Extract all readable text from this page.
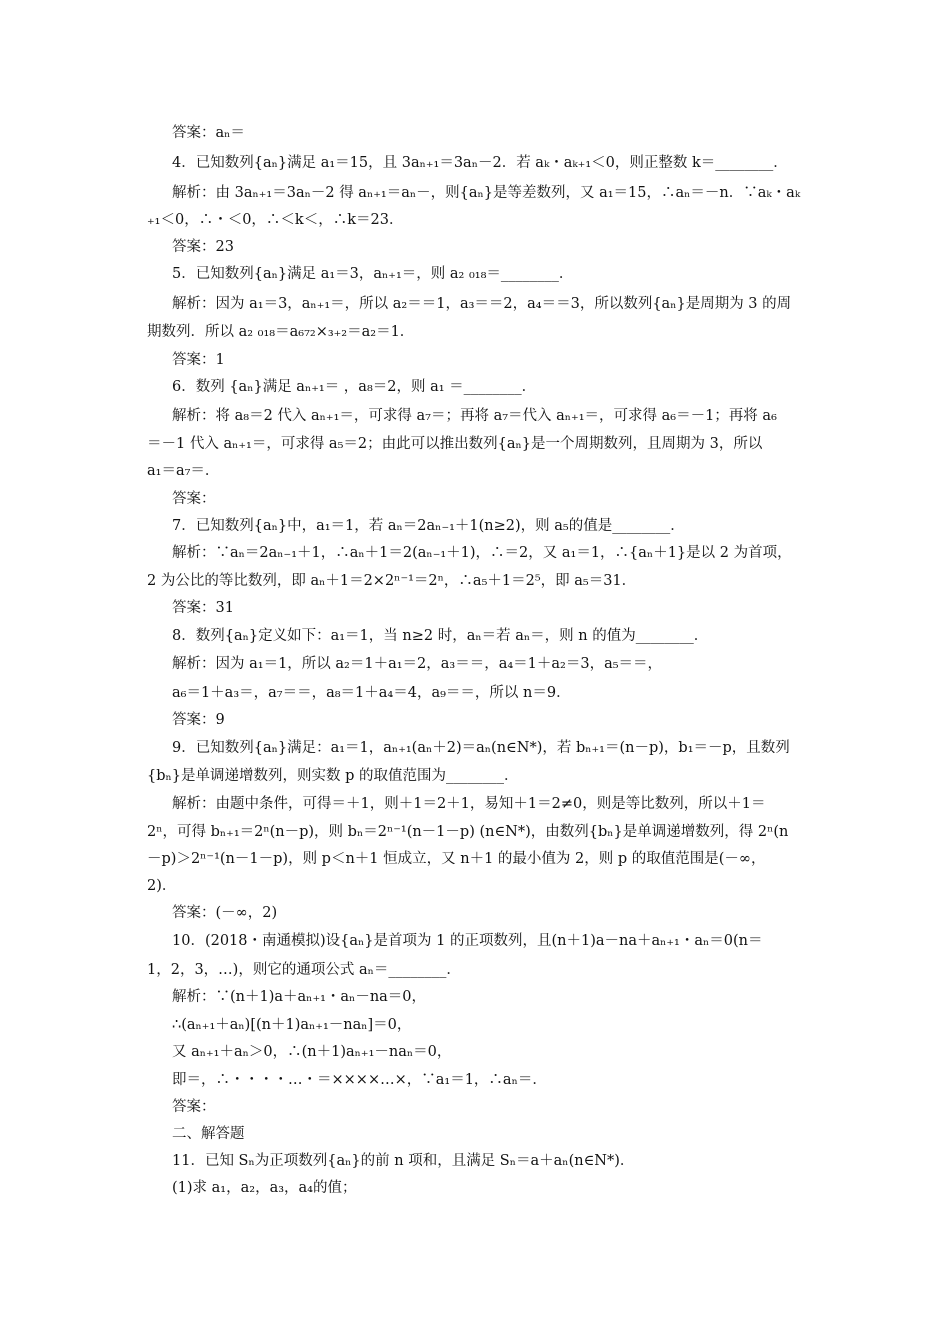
答案：aₙ＝
4．已知数列{aₙ}满足 a₁＝15，且 3aₙ₊₁＝3aₙ－2．若 aₖ・aₖ₊₁＜0，则正整数 k＝________．
解析：由 3aₙ₊₁＝3aₙ－2 得 aₙ₊₁＝aₙ－，则{aₙ}是等差数列，又 a₁＝15，∴aₙ＝－n．∵aₖ・aₖ
₊₁＜0，∴・＜0，∴＜k＜，∴k＝23．
答案：23
5．已知数列{aₙ}满足 a₁＝3，aₙ₊₁＝，则 a₂ ₀₁₈＝________．
解析：因为 a₁＝3，aₙ₊₁＝，所以 a₂＝＝1，a₃＝＝2，a₄＝＝3，所以数列{aₙ}是周期为 3 的周
期数列．所以 a₂ ₀₁₈＝a₆₇₂×₃₊₂＝a₂＝1．
答案：1
6．数列 {aₙ}满足 aₙ₊₁＝ ，a₈＝2，则 a₁ ＝________．
解析：将 a₈＝2 代入 aₙ₊₁＝，可求得 a₇＝；再将 a₇＝代入 aₙ₊₁＝，可求得 a₆＝－1；再将 a₆
＝－1 代入 aₙ₊₁＝，可求得 a₅＝2；由此可以推出数列{aₙ}是一个周期数列，且周期为 3，所以
a₁＝a₇＝．
答案：
7．已知数列{aₙ}中，a₁＝1，若 aₙ＝2aₙ₋₁＋1(n≥2)，则 a₅的值是________．
解析：∵aₙ＝2aₙ₋₁＋1，∴aₙ＋1＝2(aₙ₋₁＋1)，∴＝2，又 a₁＝1，∴{aₙ＋1}是以 2 为首项，
2 为公比的等比数列，即 aₙ＋1＝2×2ⁿ⁻¹＝2ⁿ，∴a₅＋1＝2⁵，即 a₅＝31．
答案：31
8．数列{aₙ}定义如下：a₁＝1，当 n≥2 时，aₙ＝若 aₙ＝，则 n 的值为________．
解析：因为 a₁＝1，所以 a₂＝1＋a₁＝2，a₃＝＝，a₄＝1＋a₂＝3，a₅＝＝，
a₆＝1＋a₃＝，a₇＝＝，a₈＝1＋a₄＝4，a₉＝＝，所以 n＝9．
答案：9
9．已知数列{aₙ}满足：a₁＝1，aₙ₊₁(aₙ＋2)＝aₙ(n∈N*)，若 bₙ₊₁＝(n－p)，b₁＝－p，且数列
{bₙ}是单调递增数列，则实数 p 的取值范围为________．
解析：由题中条件，可得＝＋1，则＋1＝2＋1，易知＋1＝2≠0，则是等比数列，所以＋1＝
2ⁿ，可得 bₙ₊₁＝2ⁿ(n－p)，则 bₙ＝2ⁿ⁻¹(n－1－p) (n∈N*)，由数列{bₙ}是单调递增数列，得 2ⁿ(n
－p)＞2ⁿ⁻¹(n－1－p)，则 p＜n＋1 恒成立，又 n＋1 的最小值为 2，则 p 的取值范围是(－∞，
2)．
答案：(－∞，2)
10．(2018・南通模拟)设{aₙ}是首项为 1 的正项数列，且(n＋1)a－na＋aₙ₊₁・aₙ＝0(n＝
1，2，3，…)，则它的通项公式 aₙ＝________．
解析：∵(n＋1)a＋aₙ₊₁・aₙ－na＝0，
∴(aₙ₊₁＋aₙ)[(n＋1)aₙ₊₁－naₙ]＝0，
又 aₙ₊₁＋aₙ＞0，∴(n＋1)aₙ₊₁－naₙ＝0，
即＝，∴・・・・…・＝××××…×，∵a₁＝1，∴aₙ＝．
答案：
二、解答题
11．已知 Sₙ为正项数列{aₙ}的前 n 项和，且满足 Sₙ＝a＋aₙ(n∈N*)．
(1)求 a₁，a₂，a₃，a₄的值；
